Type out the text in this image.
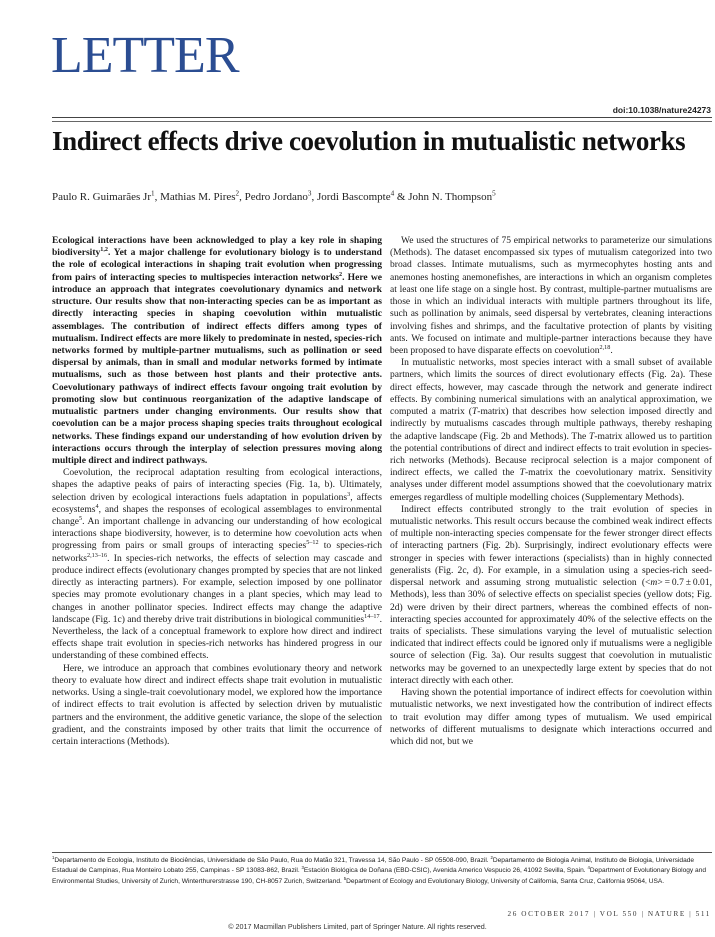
LETTER
doi:10.1038/nature24273
Indirect effects drive coevolution in mutualistic networks
Paulo R. Guimarães Jr$^1$, Mathias M. Pires$^2$, Pedro Jordano$^3$, Jordi Bascompte$^4$ & John N. Thompson$^5$

Ecological interactions have been acknowledged to play a key role in shaping biodiversity$^{1,2}$. Yet a major challenge for evolutionary biology is to understand the role of ecological interactions in shaping trait evolution when progressing from pairs of interacting species to multispecies interaction networks$^2$. Here we introduce an approach that integrates coevolutionary dynamics and network structure. Our results show that non-interacting species can be as important as directly interacting species in shaping coevolution within mutualistic assemblages. The contribution of indirect effects differs among types of mutualism. Indirect effects are more likely to predominate in nested, species-rich networks formed by multiple-partner mutualisms, such as pollination or seed dispersal by animals, than in small and modular networks formed by intimate mutualisms, such as those between host plants and their protective ants. Coevolutionary pathways of indirect effects favour ongoing trait evolution by promoting slow but continuous reorganization of the adaptive landscape of mutualistic partners under changing environments. Our results show that coevolution can be a major process shaping species traits throughout ecological networks. These findings expand our understanding of how evolution driven by interactions occurs through the interplay of selection pressures moving along multiple direct and indirect pathways.

Coevolution, the reciprocal adaptation resulting from ecological interactions, shapes the adaptive peaks of pairs of interacting species (Fig. 1a, b). Ultimately, selection driven by ecological interactions fuels adaptation in populations$^3$, affects ecosystems$^4$, and shapes the responses of ecological assemblages to environmental change$^5$. An important challenge in advancing our understanding of how ecological interactions shape biodiversity, however, is to determine how coevolution acts when progressing from pairs or small groups of interacting species$^{5-12}$ to species-rich networks$^{2,13-16}$. In species-rich networks, the effects of selection may cascade and produce indirect effects (evolutionary changes prompted by species that are not linked directly as interacting partners). For example, selection imposed by one pollinator species may promote evolutionary changes in a plant species, which may lead to changes in another pollinator species. Indirect effects may change the adaptive landscape (Fig. 1c) and thereby drive trait distributions in biological communities$^{14-17}$. Nevertheless, the lack of a conceptual framework to explore how direct and indirect effects shape trait evolution in species-rich networks has hindered progress in our understanding of these combined effects.

Here, we introduce an approach that combines evolutionary theory and network theory to evaluate how direct and indirect effects shape trait evolution in mutualistic networks. Using a single-trait coevolutionary model, we explored how the importance of indirect effects to trait evolution is affected by selection driven by mutualistic partners and the environment, the additive genetic variance, the slope of the selection gradient, and the constraints imposed by other traits that limit the occurrence of certain interactions (Methods).

We used the structures of 75 empirical networks to parameterize our simulations (Methods). The dataset encompassed six types of mutualism categorized into two broad classes. Intimate mutualisms, such as myrmecophytes hosting ants and anemones hosting anemonefishes, are interactions in which an organism completes at least one life stage on a single host. By contrast, multiple-partner mutualisms are those in which an individual interacts with multiple partners throughout its life, such as pollination by animals, seed dispersal by vertebrates, cleaning interactions involving fishes and shrimps, and the facultative protection of plants by visiting ants. We focused on intimate and multiple-partner interactions because they have been proposed to have disparate effects on coevolution$^{2,18}$.

In mutualistic networks, most species interact with a small subset of available partners, which limits the sources of direct evolutionary effects (Fig. 2a). These direct effects, however, may cascade through the network and generate indirect effects. By combining numerical simulations with an analytical approximation, we computed a matrix (T-matrix) that describes how selection imposed directly and indirectly by mutualisms cascades through multiple pathways, thereby reshaping the adaptive landscape (Fig. 2b and Methods). The T-matrix allowed us to partition the potential contributions of direct and indirect effects to trait evolution in species-rich networks (Methods). Because reciprocal selection is a major component of indirect effects, we called the T-matrix the coevolutionary matrix. Sensitivity analyses under different model assumptions showed that the coevolutionary matrix emerges regardless of multiple modelling choices (Supplementary Methods).

Indirect effects contributed strongly to the trait evolution of species in mutualistic networks. This result occurs because the combined weak indirect effects of multiple non-interacting species compensate for the fewer stronger direct effects of interacting partners (Fig. 2b). Surprisingly, indirect evolutionary effects were stronger in species with fewer interactions (specialists) than in highly connected generalists (Fig. 2c, d). For example, in a simulation using a species-rich seed-dispersal network and assuming strong mutualistic selection (<m> = 0.7 ± 0.01, Methods), less than 30% of selective effects on specialist species (yellow dots; Fig. 2d) were driven by their direct partners, whereas the combined effects of non-interacting species accounted for approximately 40% of the selective effects on the traits of specialists. These simulations varying the level of mutualistic selection indicated that indirect effects could be ignored only if mutualisms were a negligible source of selection (Fig. 3a). Our results suggest that coevolution in mutualistic networks may be governed to an unexpectedly large extent by species that do not interact directly with each other.

Having shown the potential importance of indirect effects for coevolution within mutualistic networks, we next investigated how the contribution of indirect effects to trait evolution may differ among types of mutualism. We used empirical networks of different mutualisms to designate which interactions occurred and which did not, but we

$^1$Departamento de Ecologia, Instituto de Biociências, Universidade de São Paulo, Rua do Matão 321, Travessa 14, São Paulo - SP 05508-090, Brazil. $^2$Departamento de Biologia Animal, Instituto de Biologia, Universidade Estadual de Campinas, Rua Monteiro Lobato 255, Campinas - SP 13083-862, Brazil. $^3$Estación Biológica de Doñana (EBD-CSIC), Avenida Americo Vespucio 26, 41092 Sevilla, Spain. $^4$Department of Evolutionary Biology and Environmental Studies, University of Zurich, Winterthurerstrasse 190, CH-8057 Zurich, Switzerland. $^5$Department of Ecology and Evolutionary Biology, University of California, Santa Cruz, California 95064, USA.
26 OCTOBER 2017 | VOL 550 | NATURE | 511
© 2017 Macmillan Publishers Limited, part of Springer Nature. All rights reserved.
